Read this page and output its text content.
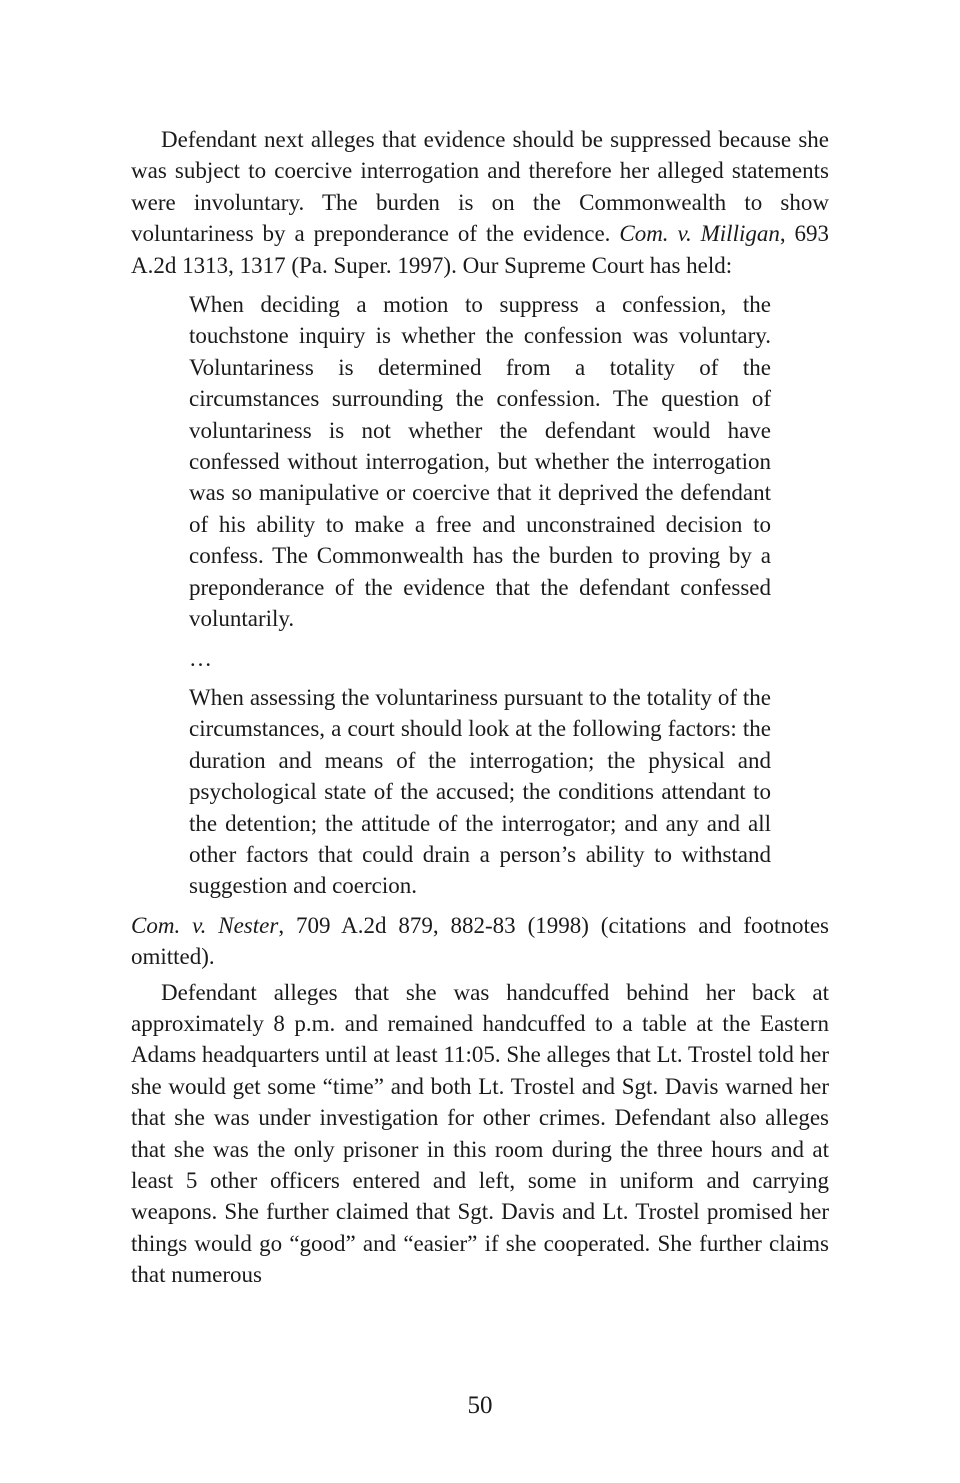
Defendant next alleges that evidence should be suppressed because she was subject to coercive interrogation and therefore her alleged statements were involuntary. The burden is on the Commonwealth to show voluntariness by a preponderance of the evidence. Com. v. Milligan, 693 A.2d 1313, 1317 (Pa. Super. 1997). Our Supreme Court has held:

When deciding a motion to suppress a confession, the touchstone inquiry is whether the confession was voluntary. Voluntariness is determined from a totality of the circumstances surrounding the confession. The question of voluntariness is not whether the defendant would have confessed without interrogation, but whether the interrogation was so manipulative or coercive that it deprived the defendant of his ability to make a free and unconstrained decision to confess. The Commonwealth has the burden to proving by a preponderance of the evidence that the defendant confessed voluntarily.

…

When assessing the voluntariness pursuant to the totality of the circumstances, a court should look at the following factors: the duration and means of the interrogation; the physical and psychological state of the accused; the conditions attendant to the detention; the attitude of the interrogator; and any and all other factors that could drain a person’s ability to withstand suggestion and coercion.

Com. v. Nester, 709 A.2d 879, 882-83 (1998) (citations and footnotes omitted).

Defendant alleges that she was handcuffed behind her back at approximately 8 p.m. and remained handcuffed to a table at the Eastern Adams headquarters until at least 11:05. She alleges that Lt. Trostel told her she would get some “time” and both Lt. Trostel and Sgt. Davis warned her that she was under investigation for other crimes. Defendant also alleges that she was the only prisoner in this room during the three hours and at least 5 other officers entered and left, some in uniform and carrying weapons. She further claimed that Sgt. Davis and Lt. Trostel promised her things would go “good” and “easier” if she cooperated. She further claims that numerous

50
